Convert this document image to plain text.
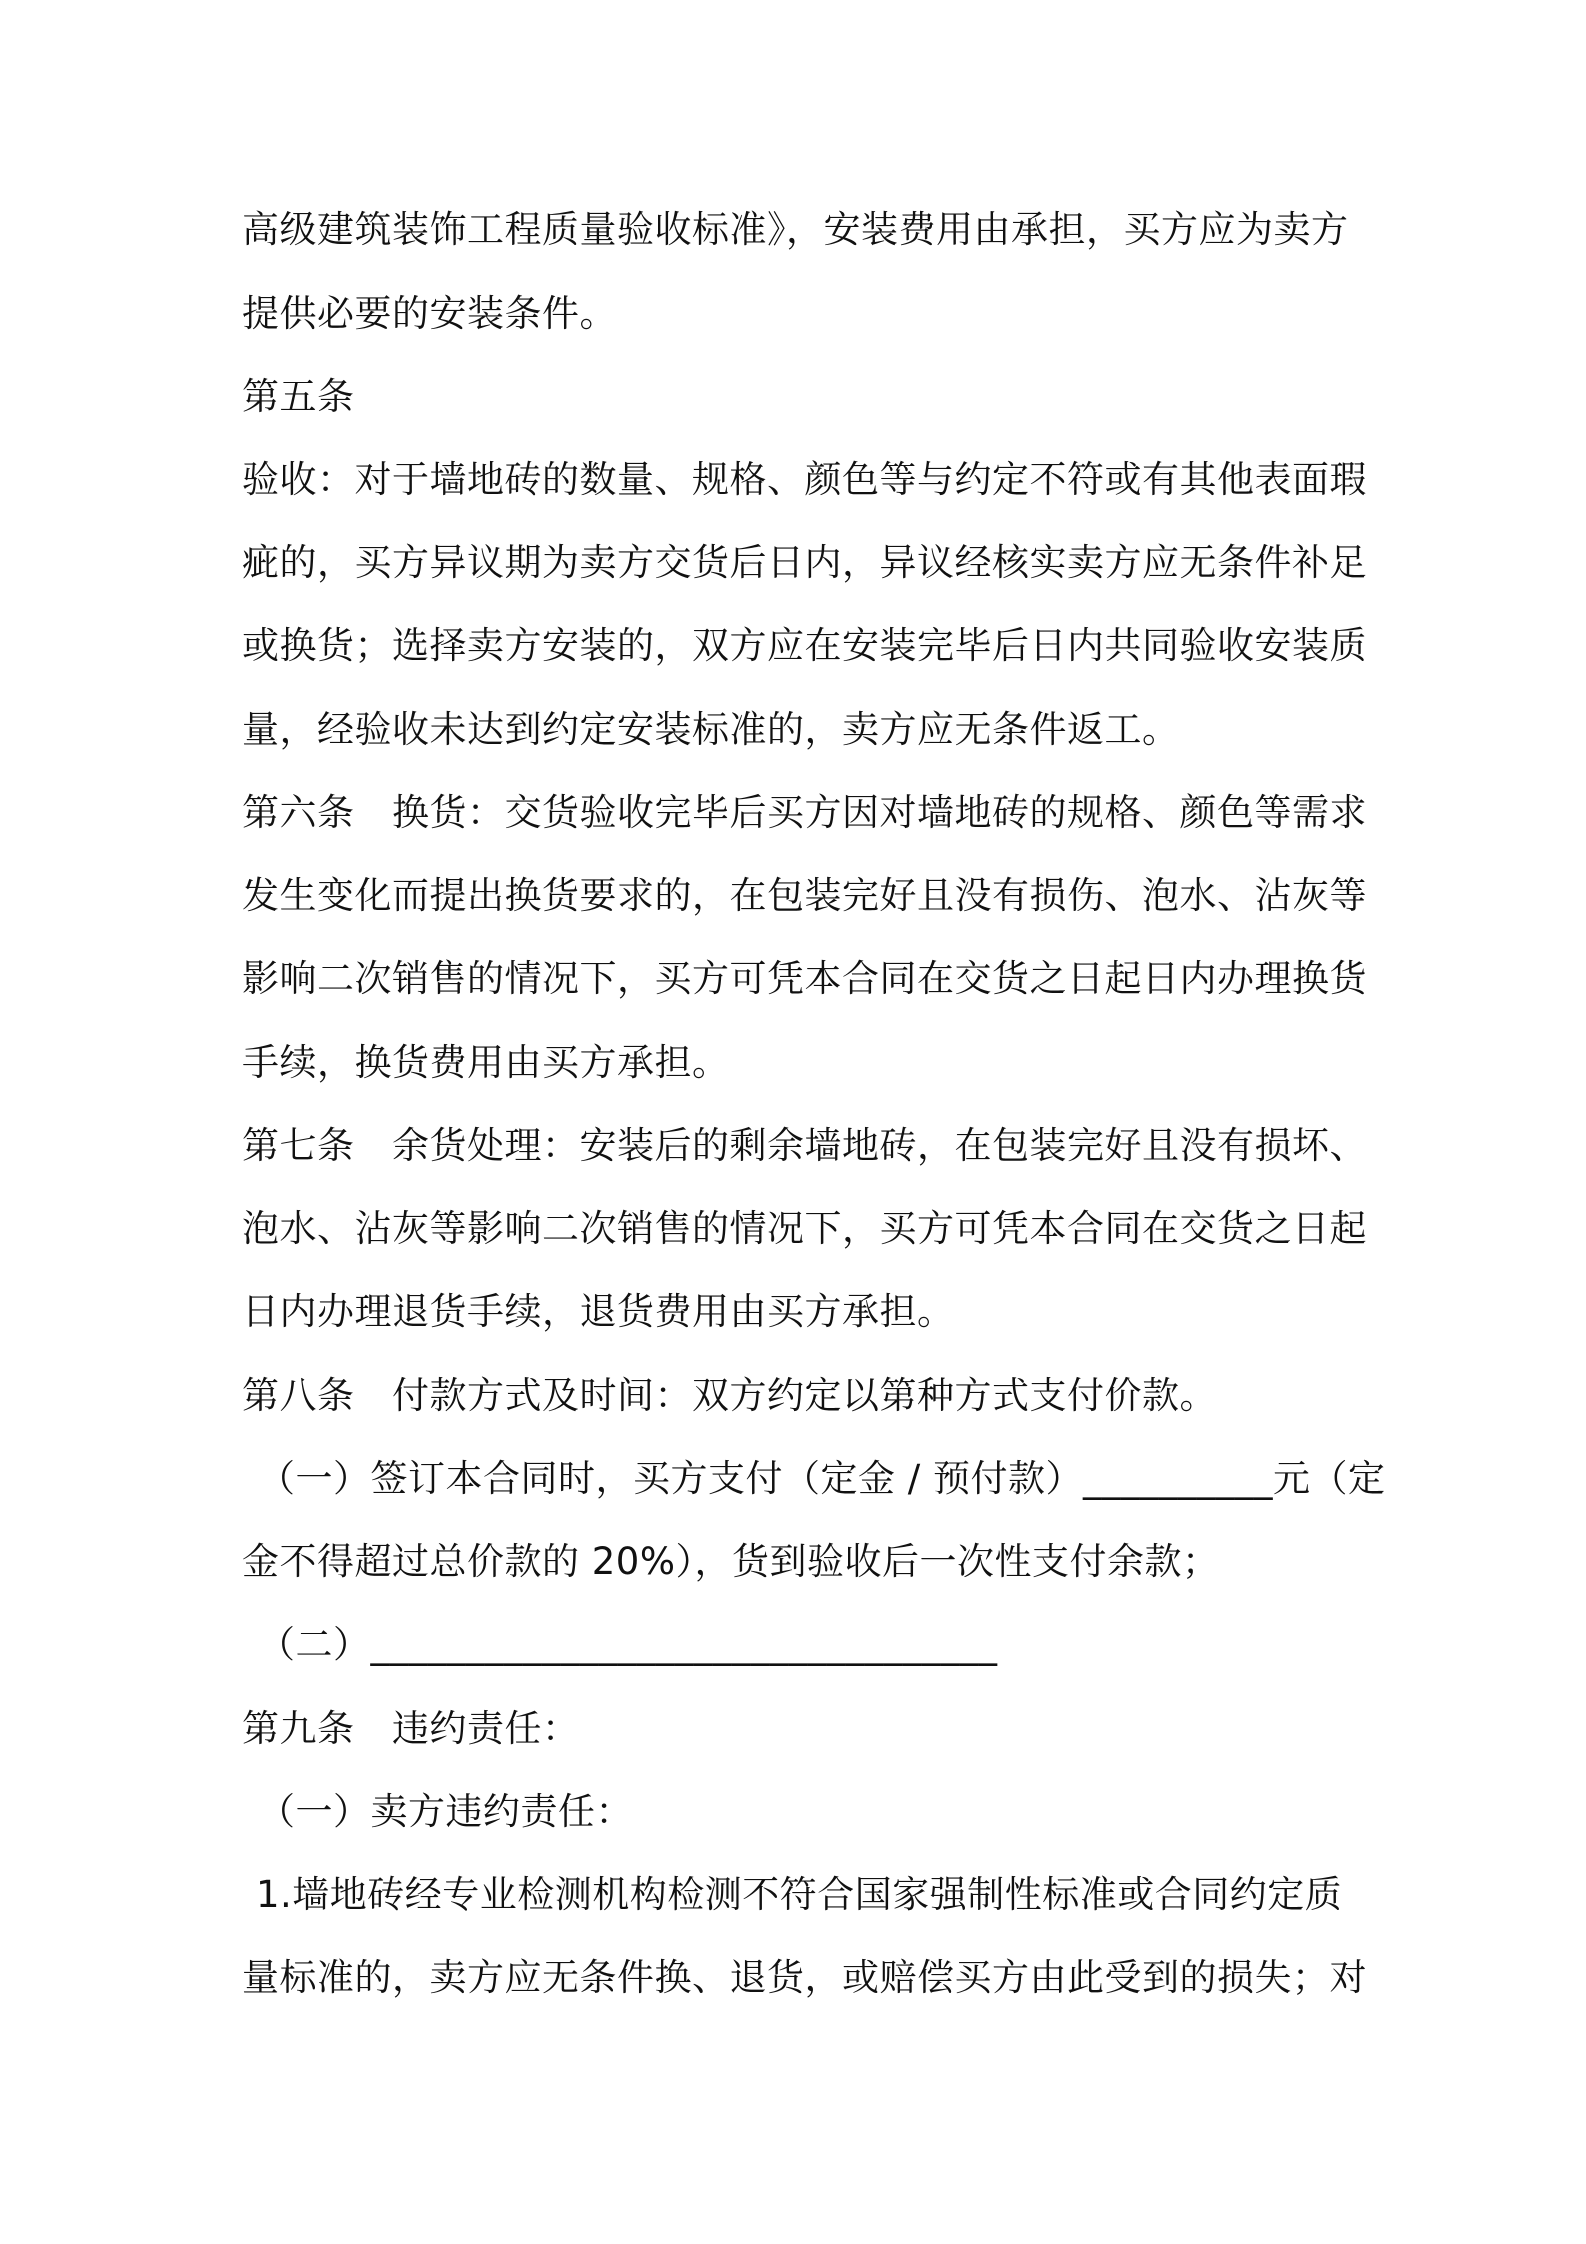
高级建筑装饰工程质量验收标准》，安装费用由承担，买方应为卖方
提供必要的安装条件。
第五条
验收：对于墙地砖的数量、规格、颜色等与约定不符或有其他表面瑕
疵的，买方异议期为卖方交货后日内，异议经核实卖方应无条件补足
或换货；选择卖方安装的，双方应在安装完毕后日内共同验收安装质
量，经验收未达到约定安装标准的，卖方应无条件返工。
第六条　换货：交货验收完毕后买方因对墙地砖的规格、颜色等需求
发生变化而提出换货要求的，在包装完好且没有损伤、泡水、沾灰等
影响二次销售的情况下，买方可凭本合同在交货之日起日内办理换货
手续，换货费用由买方承担。
第七条　余货处理：安装后的剩余墙地砖，在包装完好且没有损坏、
泡水、沾灰等影响二次销售的情况下，买方可凭本合同在交货之日起
日内办理退货手续，退货费用由买方承担。
第八条　付款方式及时间：双方约定以第种方式支付价款。
（一）签订本合同时，买方支付（定金 / 预付款）__________元（定
金不得超过总价款的 20%），货到验收后一次性支付余款；
（二）_________________________________
第九条　违约责任：
（一）卖方违约责任：
1.墙地砖经专业检测机构检测不符合国家强制性标准或合同约定质
量标准的，卖方应无条件换、退货，或赔偿买方由此受到的损失；对
